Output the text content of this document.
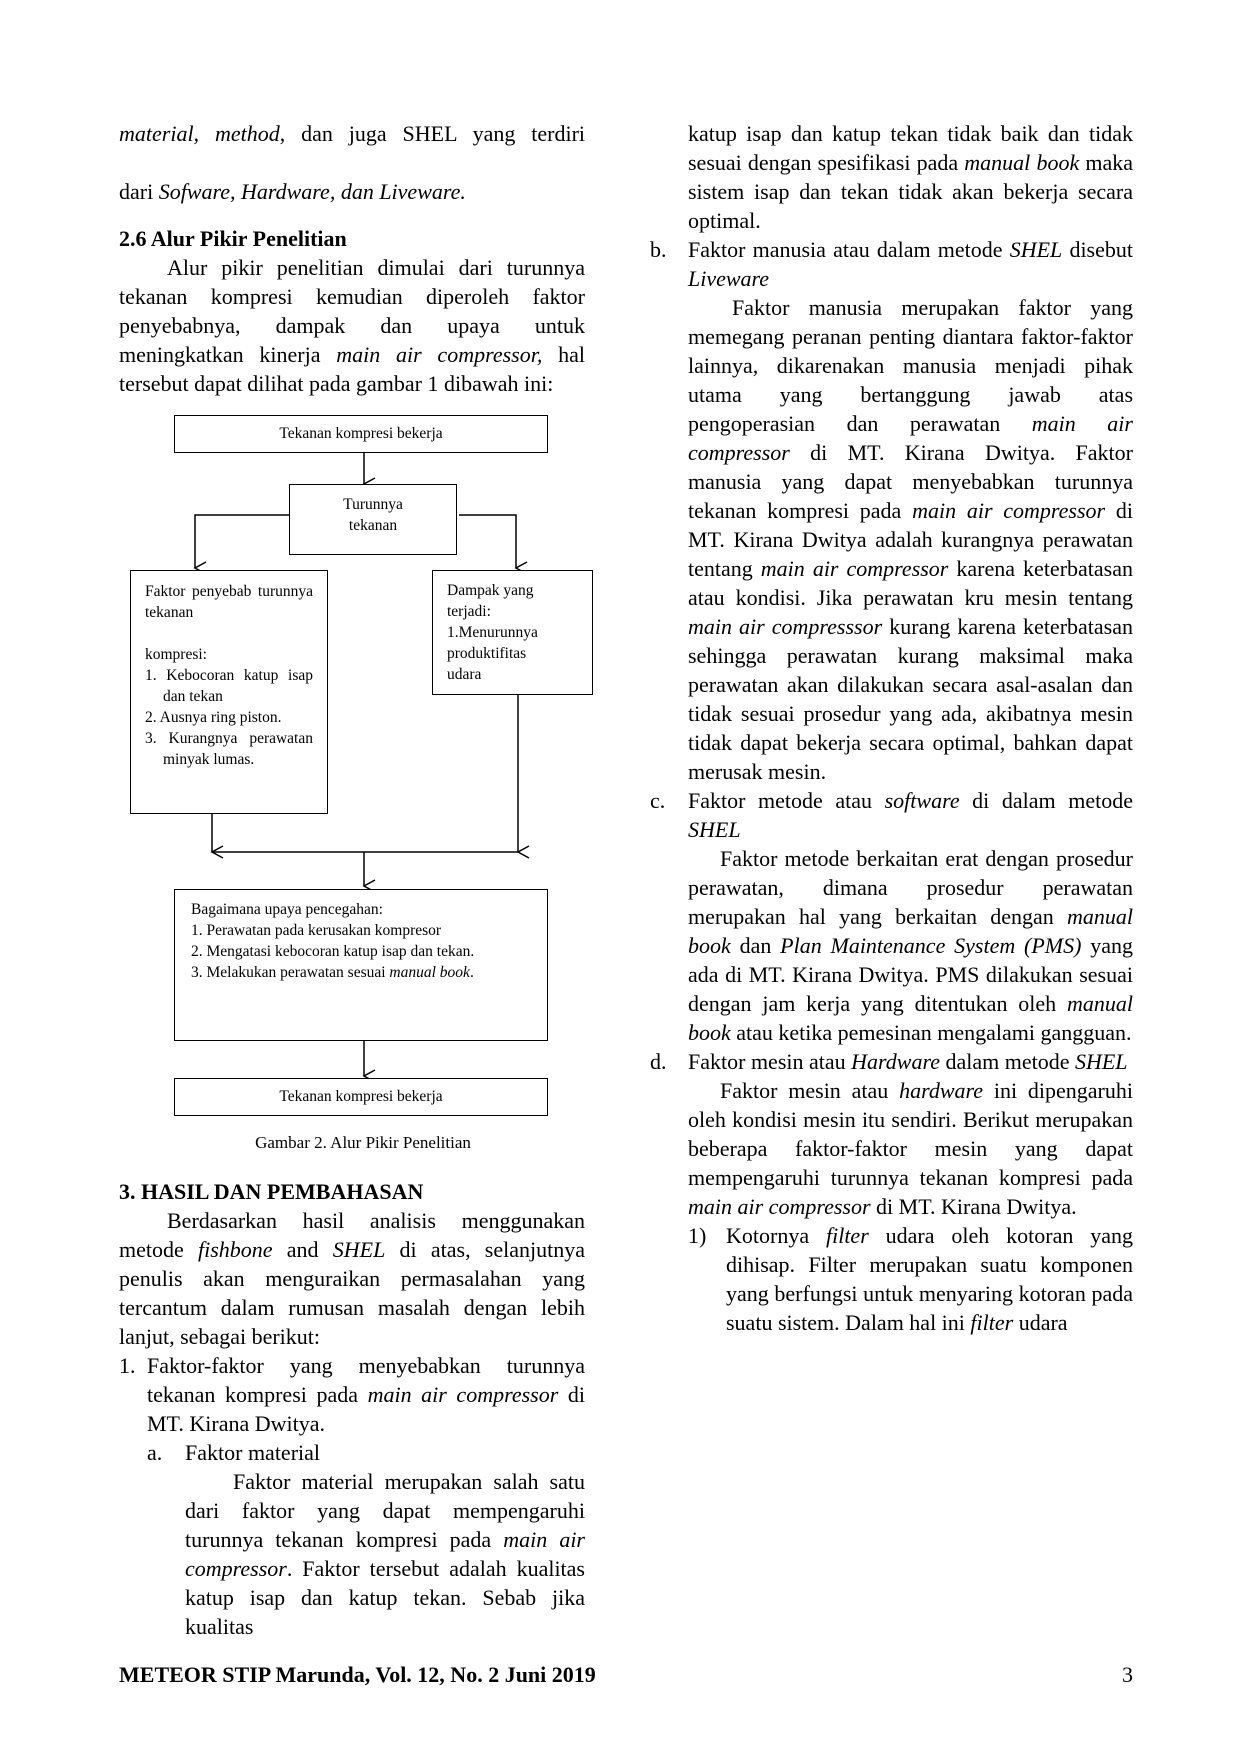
material, method, dan juga SHEL yang terdiri

dari Sofware, Hardware, dan Liveware.

2.6 Alur Pikir Penelitian

Alur pikir penelitian dimulai dari turunnya tekanan kompresi kemudian diperoleh faktor penyebabnya, dampak dan upaya untuk meningkatkan kinerja main air compressor, hal tersebut dapat dilihat pada gambar 1 dibawah ini:

Tekanan kompresi bekerja
Turunnya
tekanan

Faktor penyebab turunnya tekanan

kompresi:

1. Kebocoran katup isap dan tekan

2. Ausnya ring piston.

3. Kurangnya perawatan minyak lumas.

Dampak yang
terjadi:
1.Menurunnya
produktifitas
udara

Bagaimana upaya pencegahan:

1. Perawatan pada kerusakan kompresor

2. Mengatasi kebocoran katup isap dan tekan.

3. Melakukan perawatan sesuai manual book.

Tekanan kompresi bekerja
Gambar 2. Alur Pikir Penelitian
3. HASIL DAN PEMBAHASAN

Berdasarkan hasil analisis menggunakan metode fishbone and SHEL di atas, selanjutnya penulis akan menguraikan permasalahan yang tercantum dalam rumusan masalah dengan lebih lanjut, sebagai berikut:

1. Faktor-faktor yang menyebabkan turunnya tekanan kompresi pada main air compressor di MT. Kirana Dwitya.

a. Faktor material

Faktor material merupakan salah satu dari faktor yang dapat mempengaruhi turunnya tekanan kompresi pada main air compressor. Faktor tersebut adalah kualitas katup isap dan katup tekan. Sebab jika kualitas

katup isap dan katup tekan tidak baik dan tidak sesuai dengan spesifikasi pada manual book maka sistem isap dan tekan tidak akan bekerja secara optimal.

b. Faktor manusia atau dalam metode SHEL disebut Liveware

Faktor manusia merupakan faktor yang memegang peranan penting diantara faktor-faktor lainnya, dikarenakan manusia menjadi pihak utama yang bertanggung jawab atas pengoperasian dan perawatan main air compressor di MT. Kirana Dwitya. Faktor manusia yang dapat menyebabkan turunnya tekanan kompresi pada main air compressor di MT. Kirana Dwitya adalah kurangnya perawatan tentang main air compressor karena keterbatasan atau kondisi. Jika perawatan kru mesin tentang main air compresssor kurang karena keterbatasan sehingga perawatan kurang maksimal maka perawatan akan dilakukan secara asal-asalan dan tidak sesuai prosedur yang ada, akibatnya mesin tidak dapat bekerja secara optimal, bahkan dapat merusak mesin.

c. Faktor metode atau software di dalam metode SHEL

Faktor metode berkaitan erat dengan prosedur perawatan, dimana prosedur perawatan merupakan hal yang berkaitan dengan manual book dan Plan Maintenance System (PMS) yang ada di MT. Kirana Dwitya. PMS dilakukan sesuai dengan jam kerja yang ditentukan oleh manual book atau ketika pemesinan mengalami gangguan.

d. Faktor mesin atau Hardware dalam metode SHEL

Faktor mesin atau hardware ini dipengaruhi oleh kondisi mesin itu sendiri. Berikut merupakan beberapa faktor-faktor mesin yang dapat mempengaruhi turunnya tekanan kompresi pada main air compressor di MT. Kirana Dwitya.

1) Kotornya filter udara oleh kotoran yang dihisap. Filter merupakan suatu komponen yang berfungsi untuk menyaring kotoran pada suatu sistem. Dalam hal ini filter udara

METEOR STIP Marunda, Vol. 12, No. 2 Juni 2019	3
